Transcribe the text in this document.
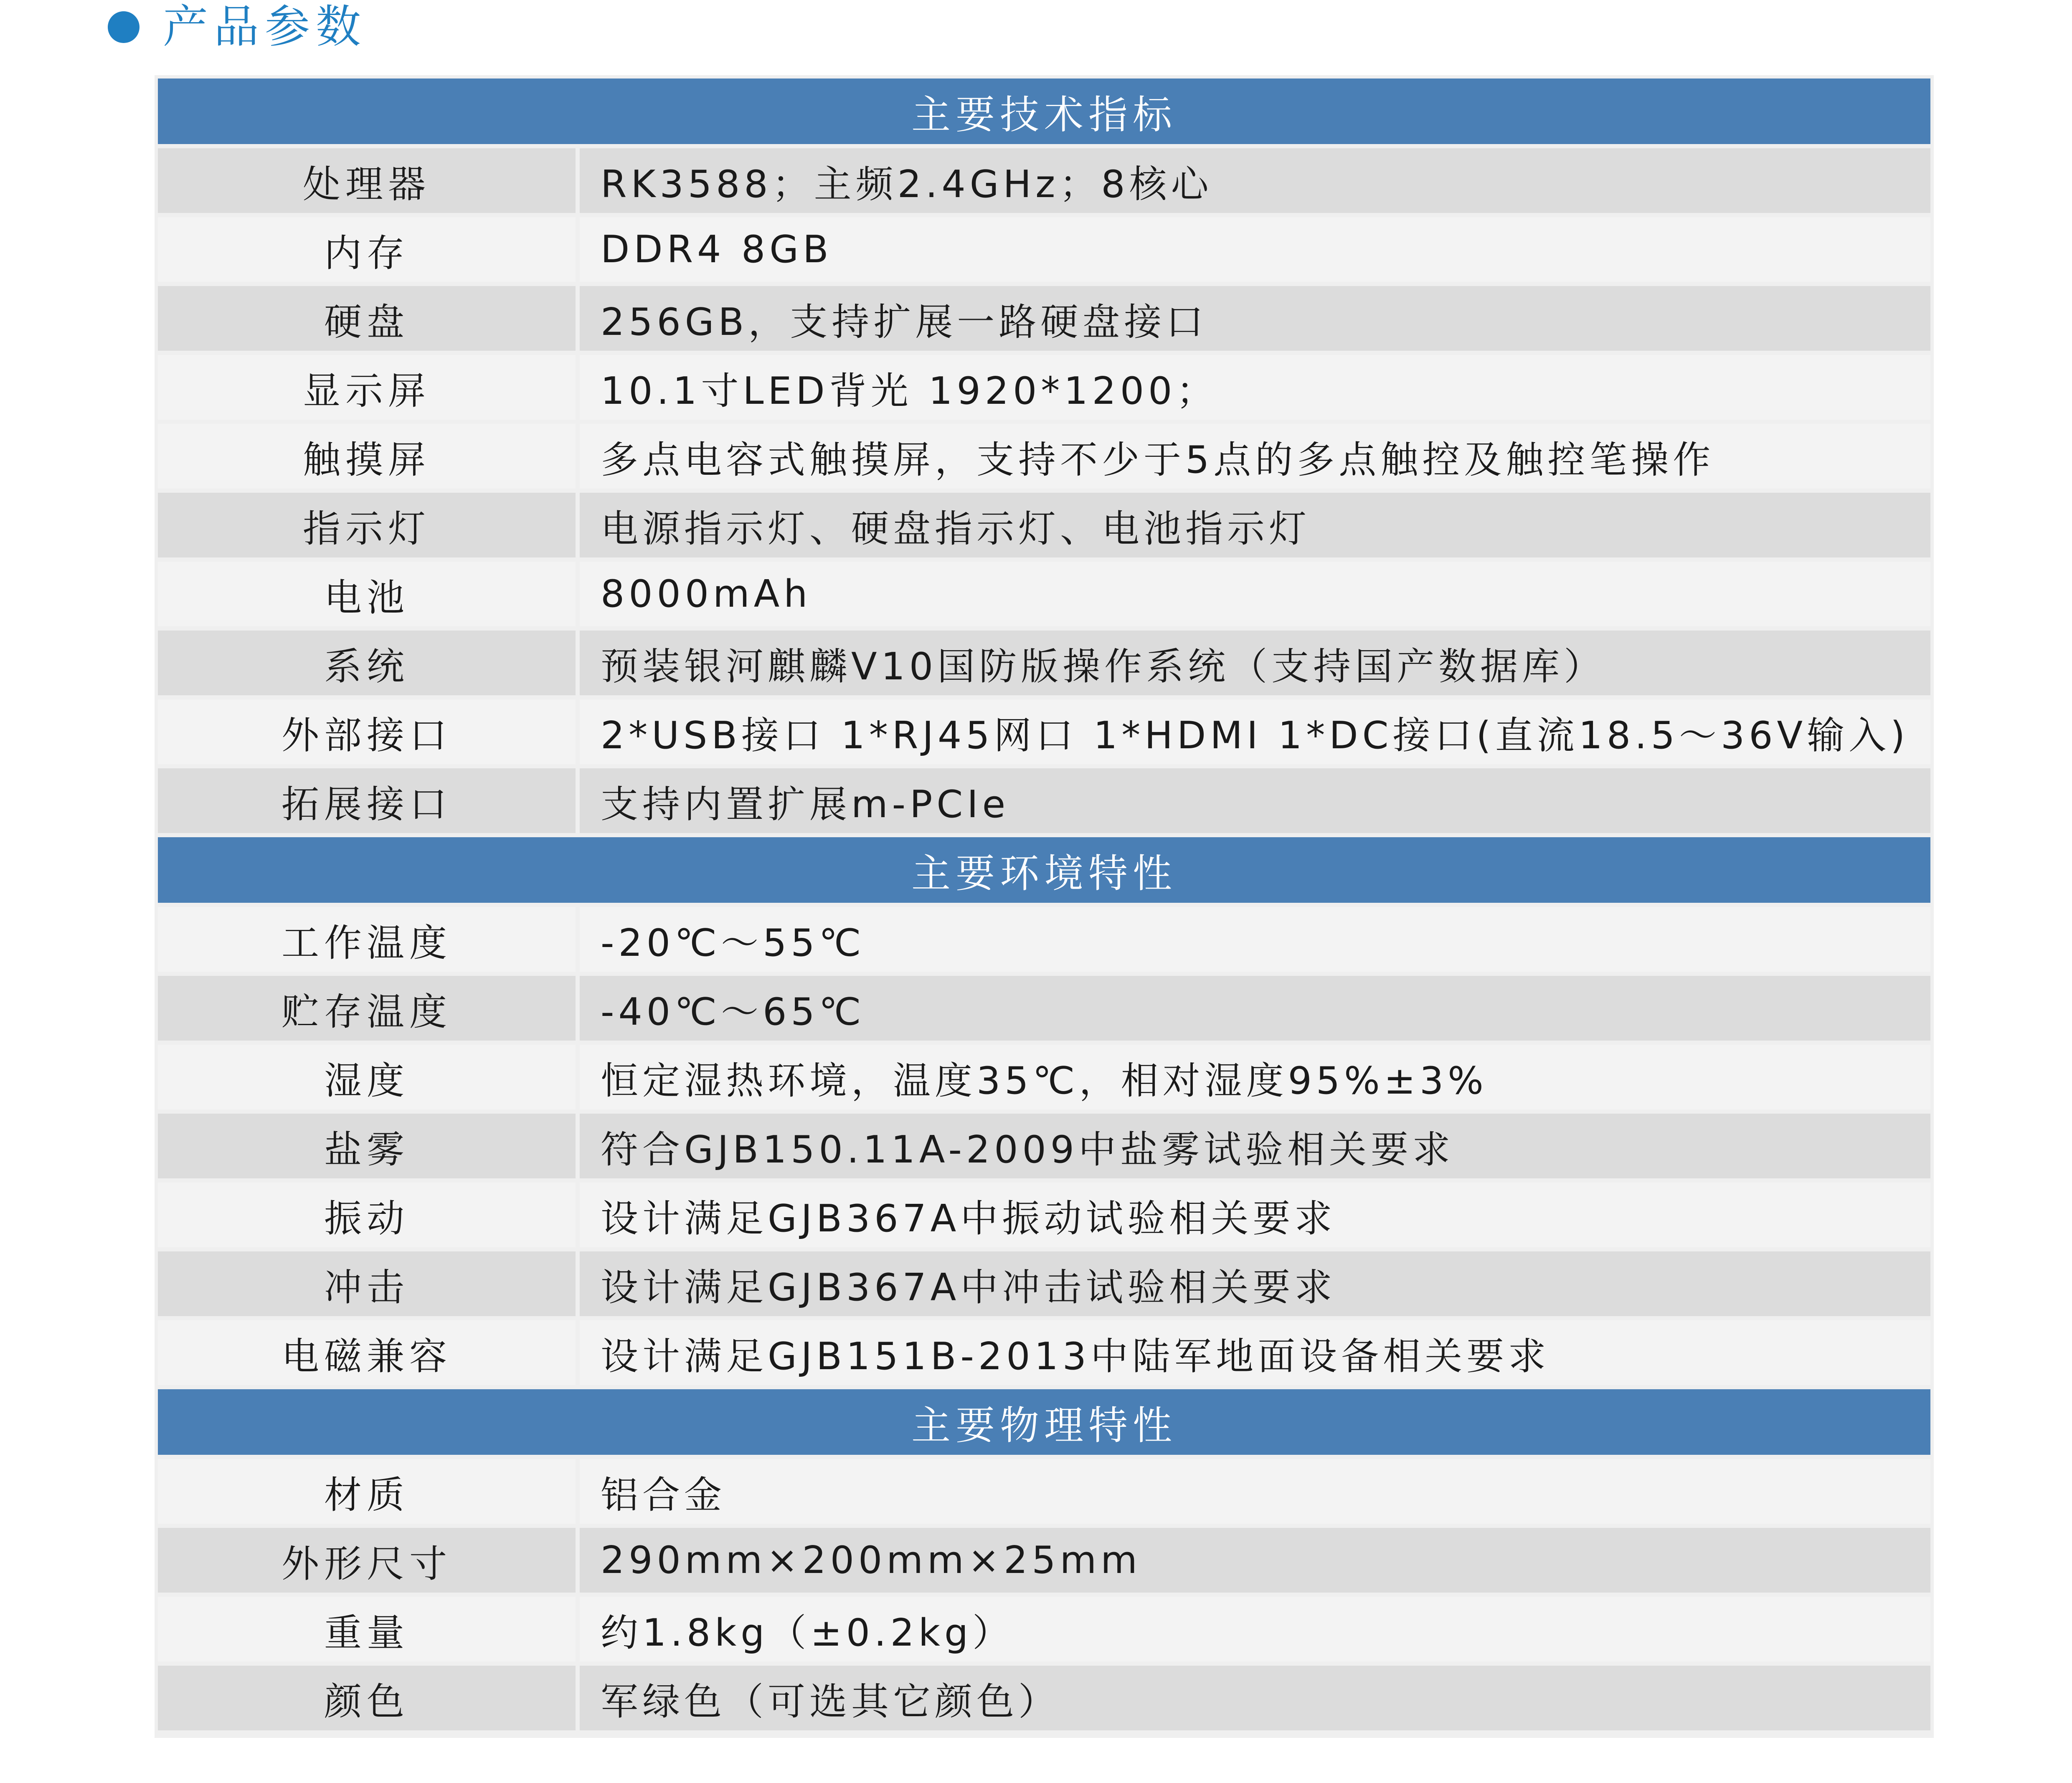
产品参数
主要技术指标
处理器	RK3588；主频2.4GHz；8核心
内存	DDR4 8GB
硬盘	256GB，支持扩展一路硬盘接口
显示屏	10.1寸LED背光 1920*1200；
触摸屏	多点电容式触摸屏，支持不少于5点的多点触控及触控笔操作
指示灯	电源指示灯、硬盘指示灯、电池指示灯
电池	8000mAh
系统	预装银河麒麟V10国防版操作系统（支持国产数据库）
外部接口	2*USB接口 1*RJ45网口 1*HDMI 1*DC接口(直流18.5～36V输入)
拓展接口	支持内置扩展m-PCIe
主要环境特性
工作温度	-20℃～55℃
贮存温度	-40℃～65℃
湿度	恒定湿热环境，温度35℃，相对湿度95%±3%
盐雾	符合GJB150.11A-2009中盐雾试验相关要求
振动	设计满足GJB367A中振动试验相关要求
冲击	设计满足GJB367A中冲击试验相关要求
电磁兼容	设计满足GJB151B-2013中陆军地面设备相关要求
主要物理特性
材质	铝合金
外形尺寸	290mm×200mm×25mm
重量	约1.8kg（±0.2kg）
颜色	军绿色（可选其它颜色）
